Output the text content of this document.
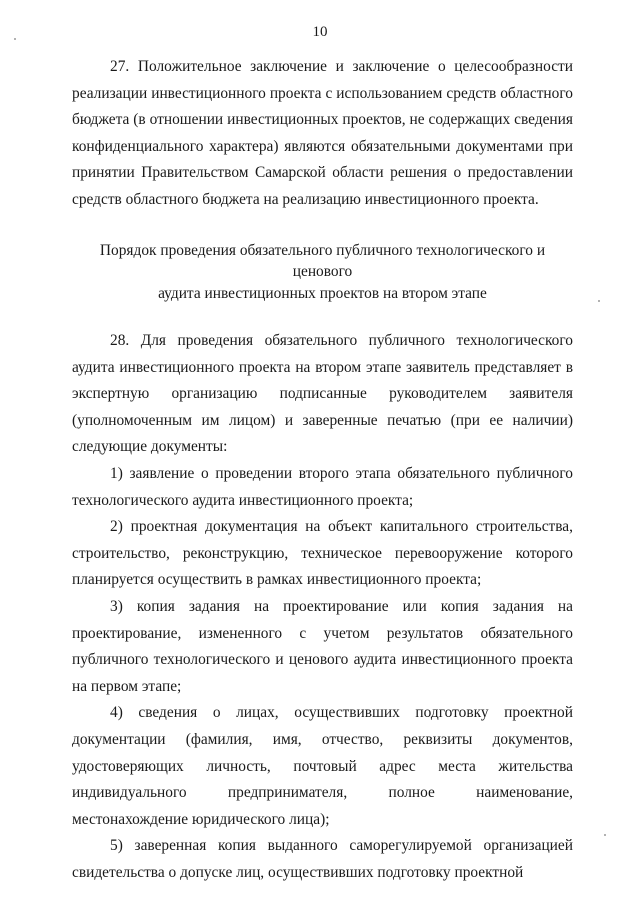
10

27. Положительное заключение и заключение о целесообразности реализации инвестиционного проекта с использованием средств областного бюджета (в отношении инвестиционных проектов, не содержащих сведения конфиденциального характера) являются обязательными документами при принятии Правительством Самарской области решения о предоставлении средств областного бюджета на реализацию инвестиционного проекта.

Порядок проведения обязательного публичного технологического и ценового
аудита инвестиционных проектов на втором этапе

28. Для проведения обязательного публичного технологического аудита инвестиционного проекта на втором этапе заявитель представляет в экспертную организацию подписанные руководителем заявителя (уполномоченным им лицом) и заверенные печатью (при ее наличии) следующие документы:

1) заявление о проведении второго этапа обязательного публичного технологического аудита инвестиционного проекта;

2) проектная документация на объект капитального строительства, строительство, реконструкцию, техническое перевооружение которого планируется осуществить в рамках инвестиционного проекта;

3) копия задания на проектирование или копия задания на проектирование, измененного с учетом результатов обязательного публичного технологического и ценового аудита инвестиционного проекта на первом этапе;

4) сведения о лицах, осуществивших подготовку проектной документации (фамилия, имя, отчество, реквизиты документов, удостоверяющих личность, почтовый адрес места жительства индивидуального предпринимателя, полное наименование, местонахождение юридического лица);

5) заверенная копия выданного саморегулируемой организацией свидетельства о допуске лиц, осуществивших подготовку проектной
